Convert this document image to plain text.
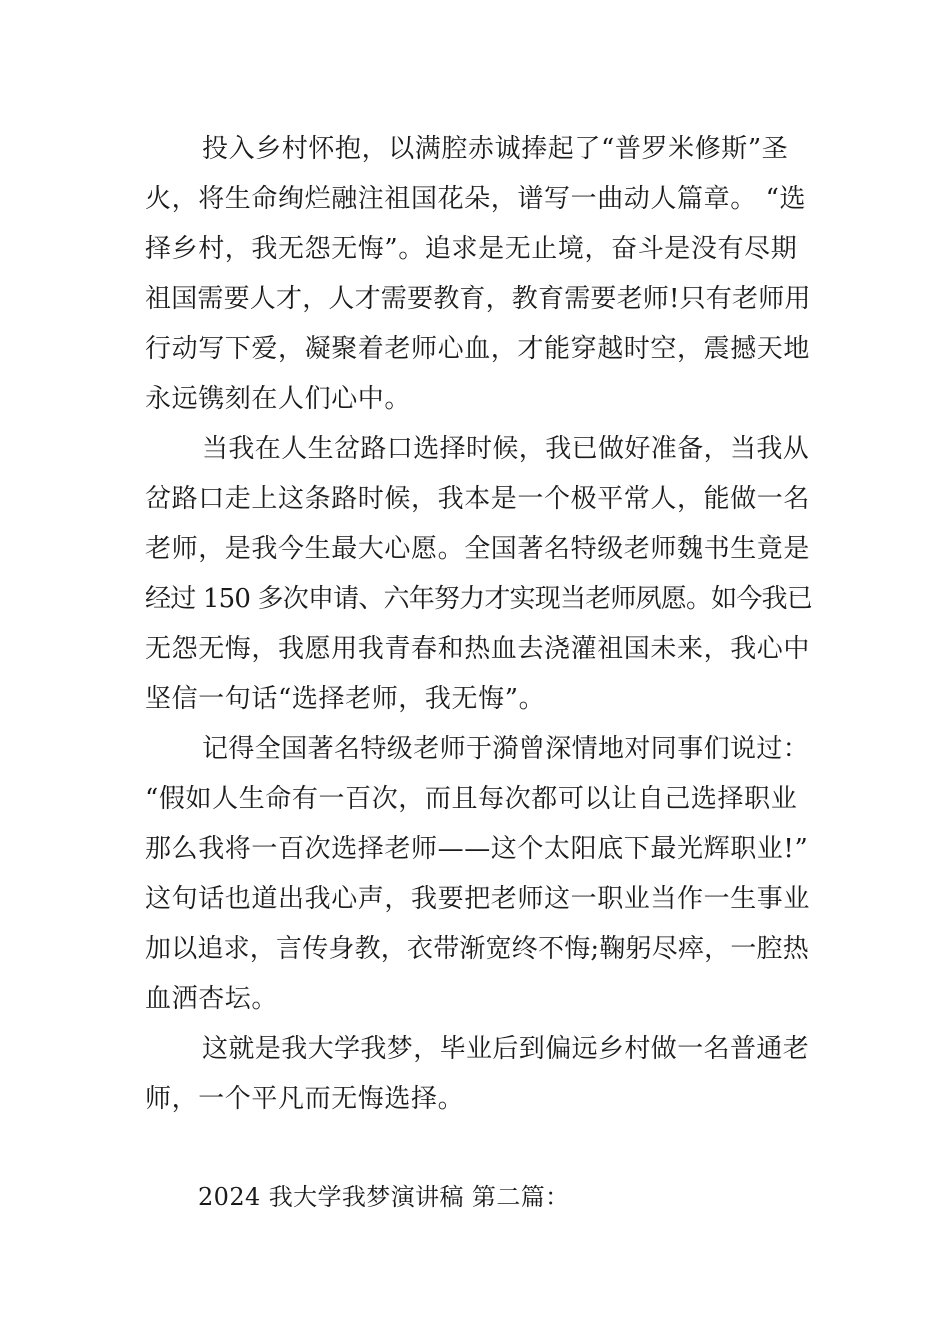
投入乡村怀抱，以满腔赤诚捧起了“普罗米修斯”圣

火，将生命绚烂融注祖国花朵，谱写一曲动人篇章。 “选

择乡村，我无怨无悔”。追求是无止境，奋斗是没有尽期

祖国需要人才，人才需要教育，教育需要老师!只有老师用

行动写下爱，凝聚着老师心血，才能穿越时空，震撼天地

永远镌刻在人们心中。

当我在人生岔路口选择时候，我已做好准备，当我从

岔路口走上这条路时候，我本是一个极平常人，能做一名

老师，是我今生最大心愿。全国著名特级老师魏书生竟是

经过 150 多次申请、六年努力才实现当老师夙愿。如今我已

无怨无悔，我愿用我青春和热血去浇灌祖国未来，我心中

坚信一句话“选择老师，我无悔”。

记得全国著名特级老师于漪曾深情地对同事们说过：

“假如人生命有一百次，而且每次都可以让自己选择职业

那么我将一百次选择老师——这个太阳底下最光辉职业!”

这句话也道出我心声，我要把老师这一职业当作一生事业

加以追求，言传身教，衣带渐宽终不悔;鞠躬尽瘁，一腔热

血洒杏坛。

这就是我大学我梦，毕业后到偏远乡村做一名普通老

师，一个平凡而无悔选择。

2024 我大学我梦演讲稿 第二篇：
